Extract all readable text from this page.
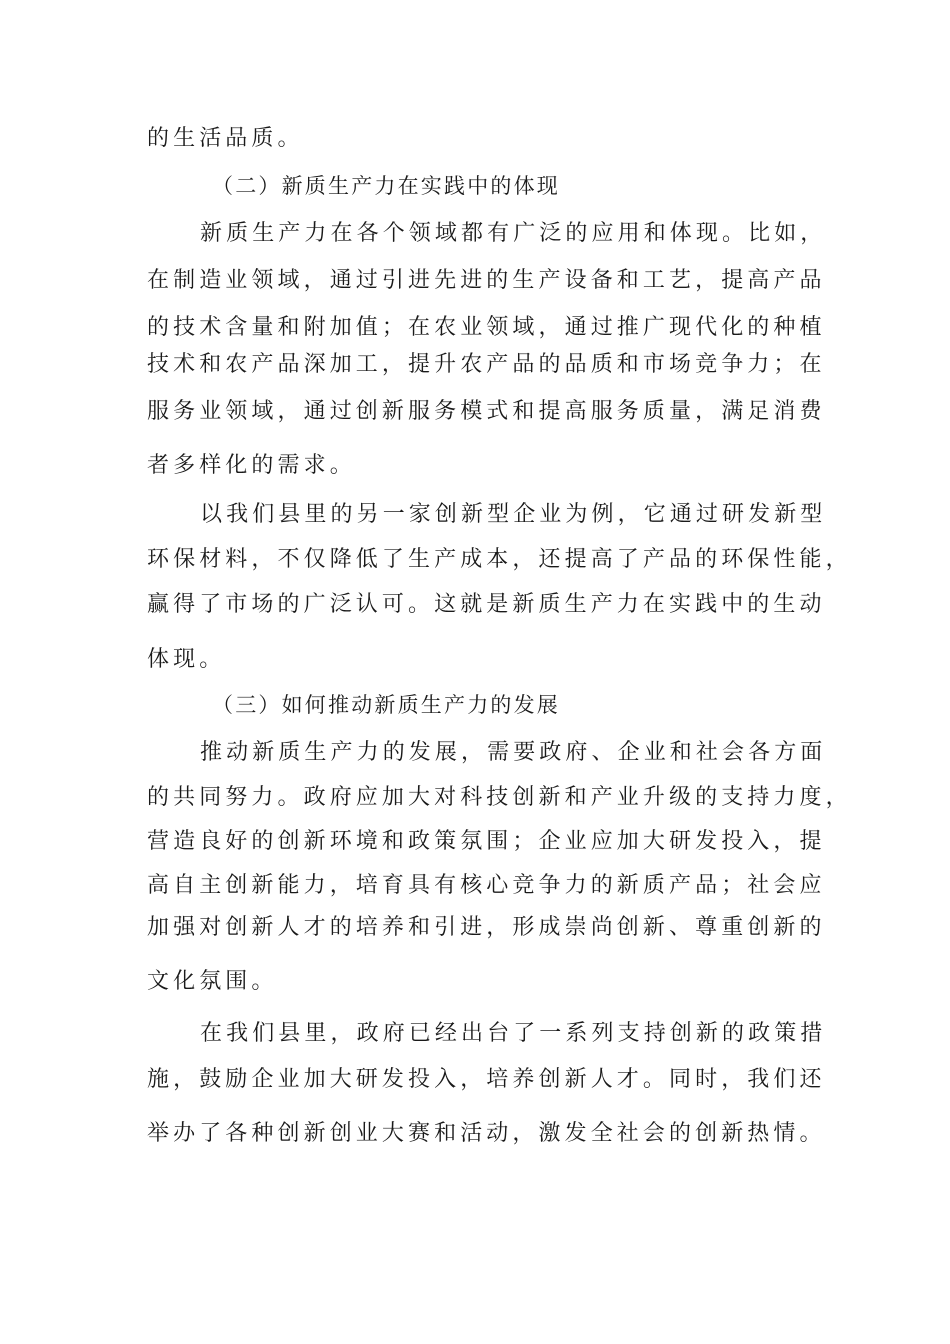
的生活品质。
（二）新质生产力在实践中的体现
新质生产力在各个领域都有广泛的应用和体现。比如，
在制造业领域，通过引进先进的生产设备和工艺，提高产品
的技术含量和附加值；在农业领域，通过推广现代化的种植
技术和农产品深加工，提升农产品的品质和市场竞争力；在
服务业领域，通过创新服务模式和提高服务质量，满足消费
者多样化的需求。
以我们县里的另一家创新型企业为例，它通过研发新型
环保材料，不仅降低了生产成本，还提高了产品的环保性能，
赢得了市场的广泛认可。这就是新质生产力在实践中的生动
体现。
（三）如何推动新质生产力的发展
推动新质生产力的发展，需要政府、企业和社会各方面
的共同努力。政府应加大对科技创新和产业升级的支持力度，
营造良好的创新环境和政策氛围；企业应加大研发投入，提
高自主创新能力，培育具有核心竞争力的新质产品；社会应
加强对创新人才的培养和引进，形成崇尚创新、尊重创新的
文化氛围。
在我们县里，政府已经出台了一系列支持创新的政策措
施，鼓励企业加大研发投入，培养创新人才。同时，我们还
举办了各种创新创业大赛和活动，激发全社会的创新热情。
